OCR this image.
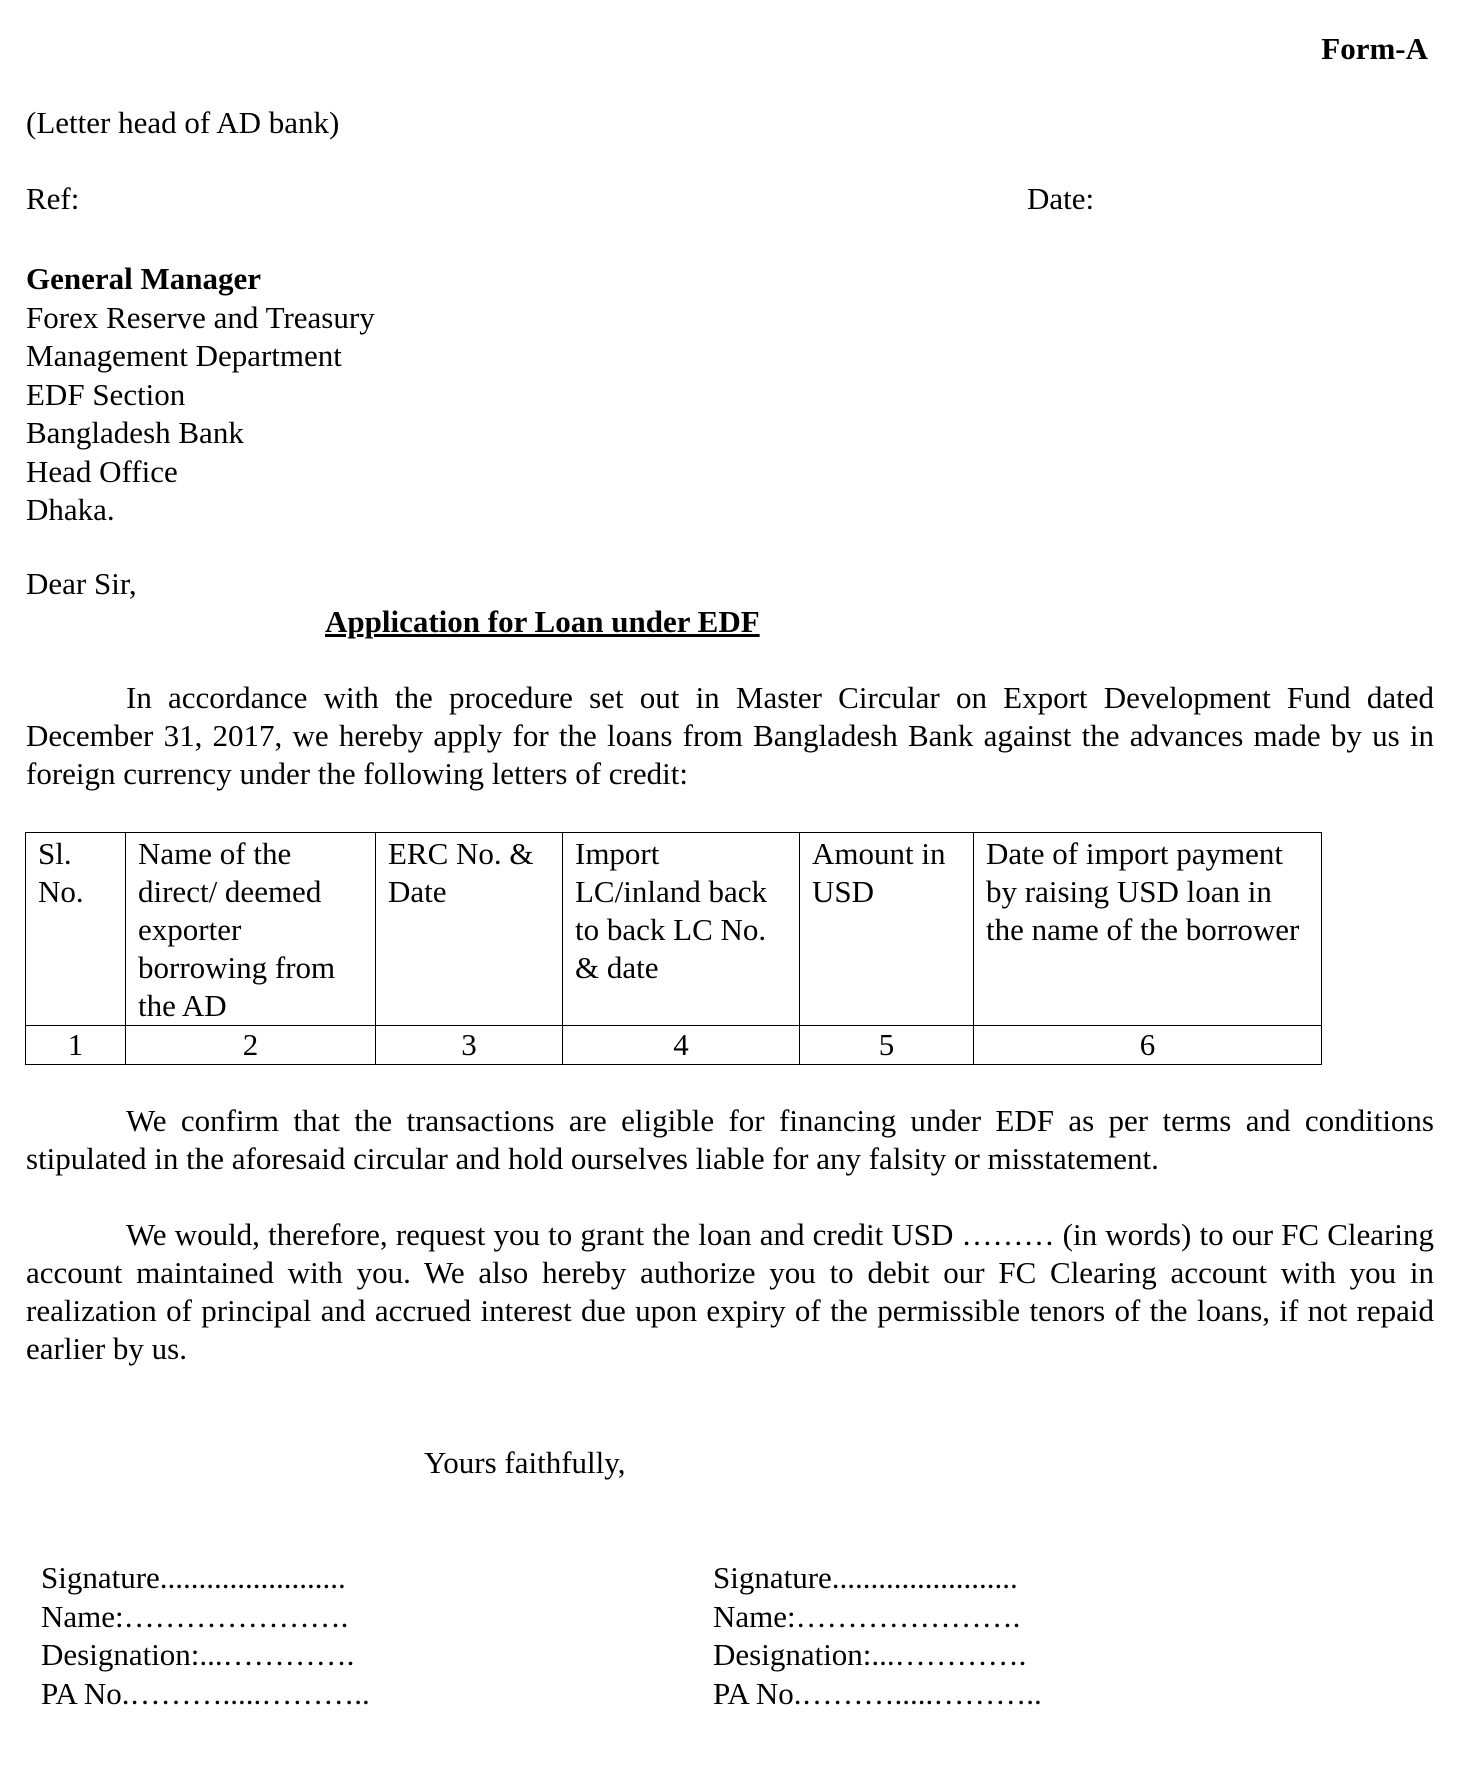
Form-A
(Letter head of AD bank)
Ref:	Date:
General Manager
Forex Reserve and Treasury
Management Department
EDF Section
Bangladesh Bank
Head Office
Dhaka.
Dear Sir,
Application for Loan under EDF
In accordance with the procedure set out in Master Circular on Export Development Fund dated December 31, 2017, we hereby apply for the loans from Bangladesh Bank against the advances made by us in foreign currency under the following letters of credit:
Sl. No.	Name of the direct/ deemed exporter borrowing from the AD	ERC No. & Date	Import LC/inland back to back LC No. & date	Amount in USD	Date of import payment by raising USD loan in the name of the borrower
1	2	3	4	5	6
We confirm that the transactions are eligible for financing under EDF as per terms and conditions stipulated in the aforesaid circular and hold ourselves liable for any falsity or misstatement.
We would, therefore, request you to grant the loan and credit USD ……… (in words) to our FC Clearing account maintained with you. We also hereby authorize you to debit our FC Clearing account with you in realization of principal and accrued interest due upon expiry of the permissible tenors of the loans, if not repaid earlier by us.
Yours faithfully,
Signature........................
Name:………………….
Designation:...………….
PA No.……….....………..
Signature........................
Name:………………….
Designation:...………….
PA No.……….....………..
